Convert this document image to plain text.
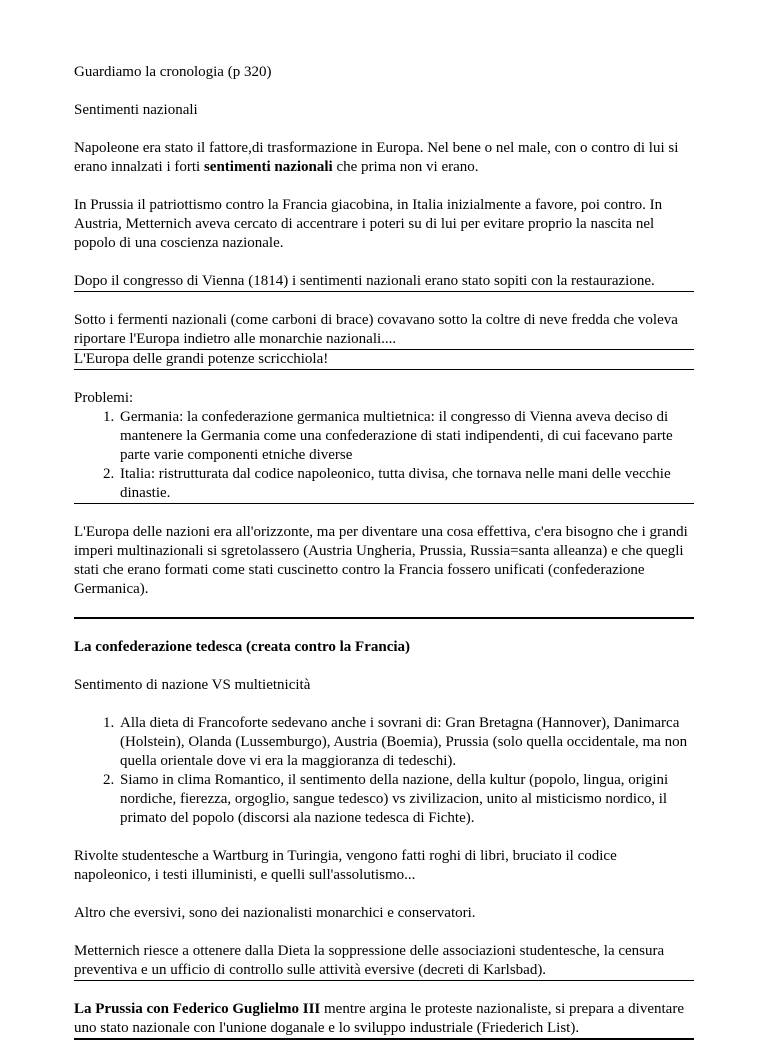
Guardiamo la cronologia (p 320)

Sentimenti nazionali

Napoleone era stato il fattore,di trasformazione in Europa. Nel bene o nel male, con o contro di lui si erano innalzati i forti sentimenti nazionali che prima non vi erano.

In Prussia il patriottismo contro la Francia giacobina, in Italia inizialmente a favore, poi contro. In Austria, Metternich aveva cercato di accentrare i poteri su di lui per evitare proprio la nascita nel popolo di una coscienza nazionale.

Dopo il congresso di Vienna (1814) i sentimenti nazionali erano stato sopiti con la restaurazione.

Sotto i fermenti nazionali (come carboni di brace) covavano sotto la coltre di neve fredda che voleva riportare l'Europa indietro alle monarchie nazionali....

L'Europa delle grandi potenze scricchiola!

Problemi:

1. Germania: la confederazione germanica multietnica: il congresso di Vienna aveva deciso di mantenere la Germania come una confederazione di stati indipendenti, di cui facevano parte parte varie componenti etniche diverse
2. Italia: ristrutturata dal codice napoleonico, tutta divisa, che tornava nelle mani delle vecchie dinastie.

L'Europa delle nazioni era all'orizzonte, ma per diventare una cosa effettiva, c'era bisogno che i grandi imperi multinazionali si sgretolassero (Austria Ungheria, Prussia, Russia=santa alleanza) e che quegli stati che erano formati come stati cuscinetto contro la Francia fossero unificati (confederazione Germanica).

La confederazione tedesca (creata contro la Francia)

Sentimento di nazione VS multietnicità

1. Alla dieta di Francoforte sedevano anche i sovrani di: Gran Bretagna (Hannover), Danimarca (Holstein), Olanda (Lussemburgo), Austria (Boemia), Prussia (solo quella occidentale, ma non quella orientale dove vi era la maggioranza di tedeschi).
2. Siamo in clima Romantico, il sentimento della nazione, della kultur (popolo, lingua, origini nordiche, fierezza, orgoglio, sangue tedesco) vs zivilizacion, unito al misticismo nordico, il primato del popolo (discorsi ala nazione tedesca di Fichte).

Rivolte studentesche a Wartburg in Turingia, vengono fatti roghi di libri, bruciato il codice napoleonico, i testi illuministi, e quelli sull'assolutismo...

Altro che eversivi, sono dei nazionalisti monarchici e conservatori.

Metternich riesce a ottenere dalla Dieta la soppressione delle associazioni studentesche, la censura preventiva e un ufficio di controllo sulle attività eversive (decreti di Karlsbad).

La Prussia con Federico Guglielmo III mentre argina le proteste nazionaliste, si prepara a diventare uno stato nazionale con l'unione doganale e lo sviluppo industriale (Friederich List).
